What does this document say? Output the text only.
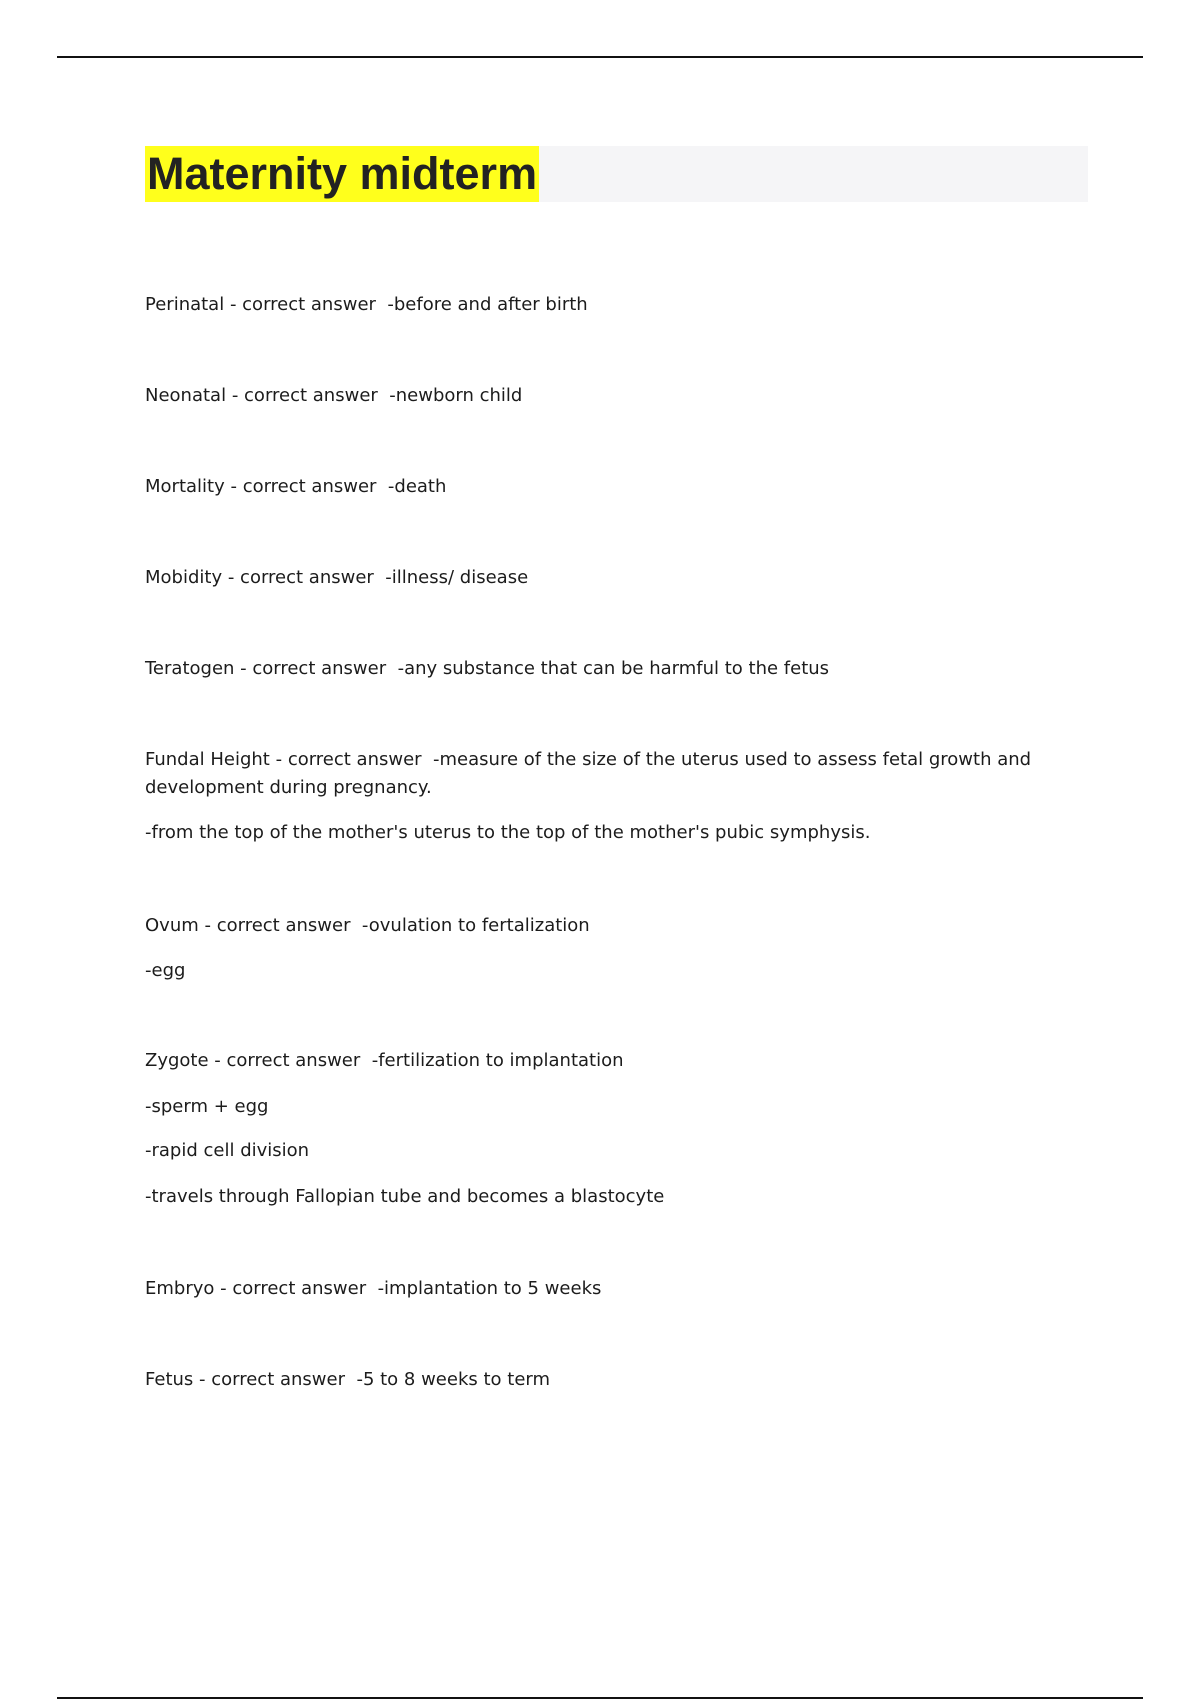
Maternity midterm
Perinatal - correct answer  -before and after birth
Neonatal - correct answer  -newborn child
Mortality - correct answer  -death
Mobidity - correct answer  -illness/ disease
Teratogen - correct answer  -any substance that can be harmful to the fetus
Fundal Height - correct answer  -measure of the size of the uterus used to assess fetal growth and development during pregnancy.
-from the top of the mother's uterus to the top of the mother's pubic symphysis.
Ovum - correct answer  -ovulation to fertalization
-egg
Zygote - correct answer  -fertilization to implantation
-sperm + egg
-rapid cell division
-travels through Fallopian tube and becomes a blastocyte
Embryo - correct answer  -implantation to 5 weeks
Fetus - correct answer  -5 to 8 weeks to term
